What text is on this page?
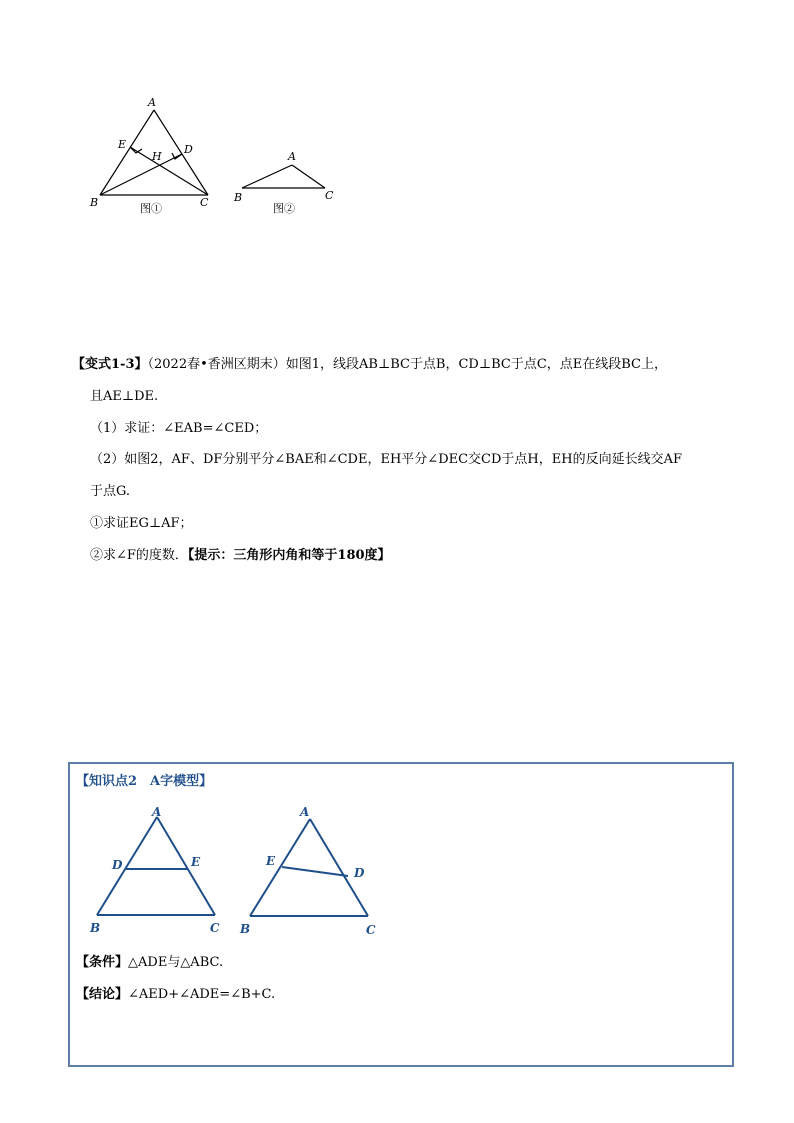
A
E	D
H
B	C
图①
A
B	C
图②
【变式1-3】（2022春•香洲区期末）如图1，线段AB⊥BC于点B，CD⊥BC于点C，点E在线段BC上，
且AE⊥DE.
（1）求证：∠EAB=∠CED；
（2）如图2，AF、DF分别平分∠BAE和∠CDE，EH平分∠DEC交CD于点H，EH的反向延长线交AF
于点G.
①求证EG⊥AF；
②求∠F的度数．【提示：三角形内角和等于180度】
【知识点2　A字模型】
A
D	E
B	C
A
E
D
B	C
【条件】△ADE与△ABC.
【结论】∠AED+∠ADE=∠B+C.
